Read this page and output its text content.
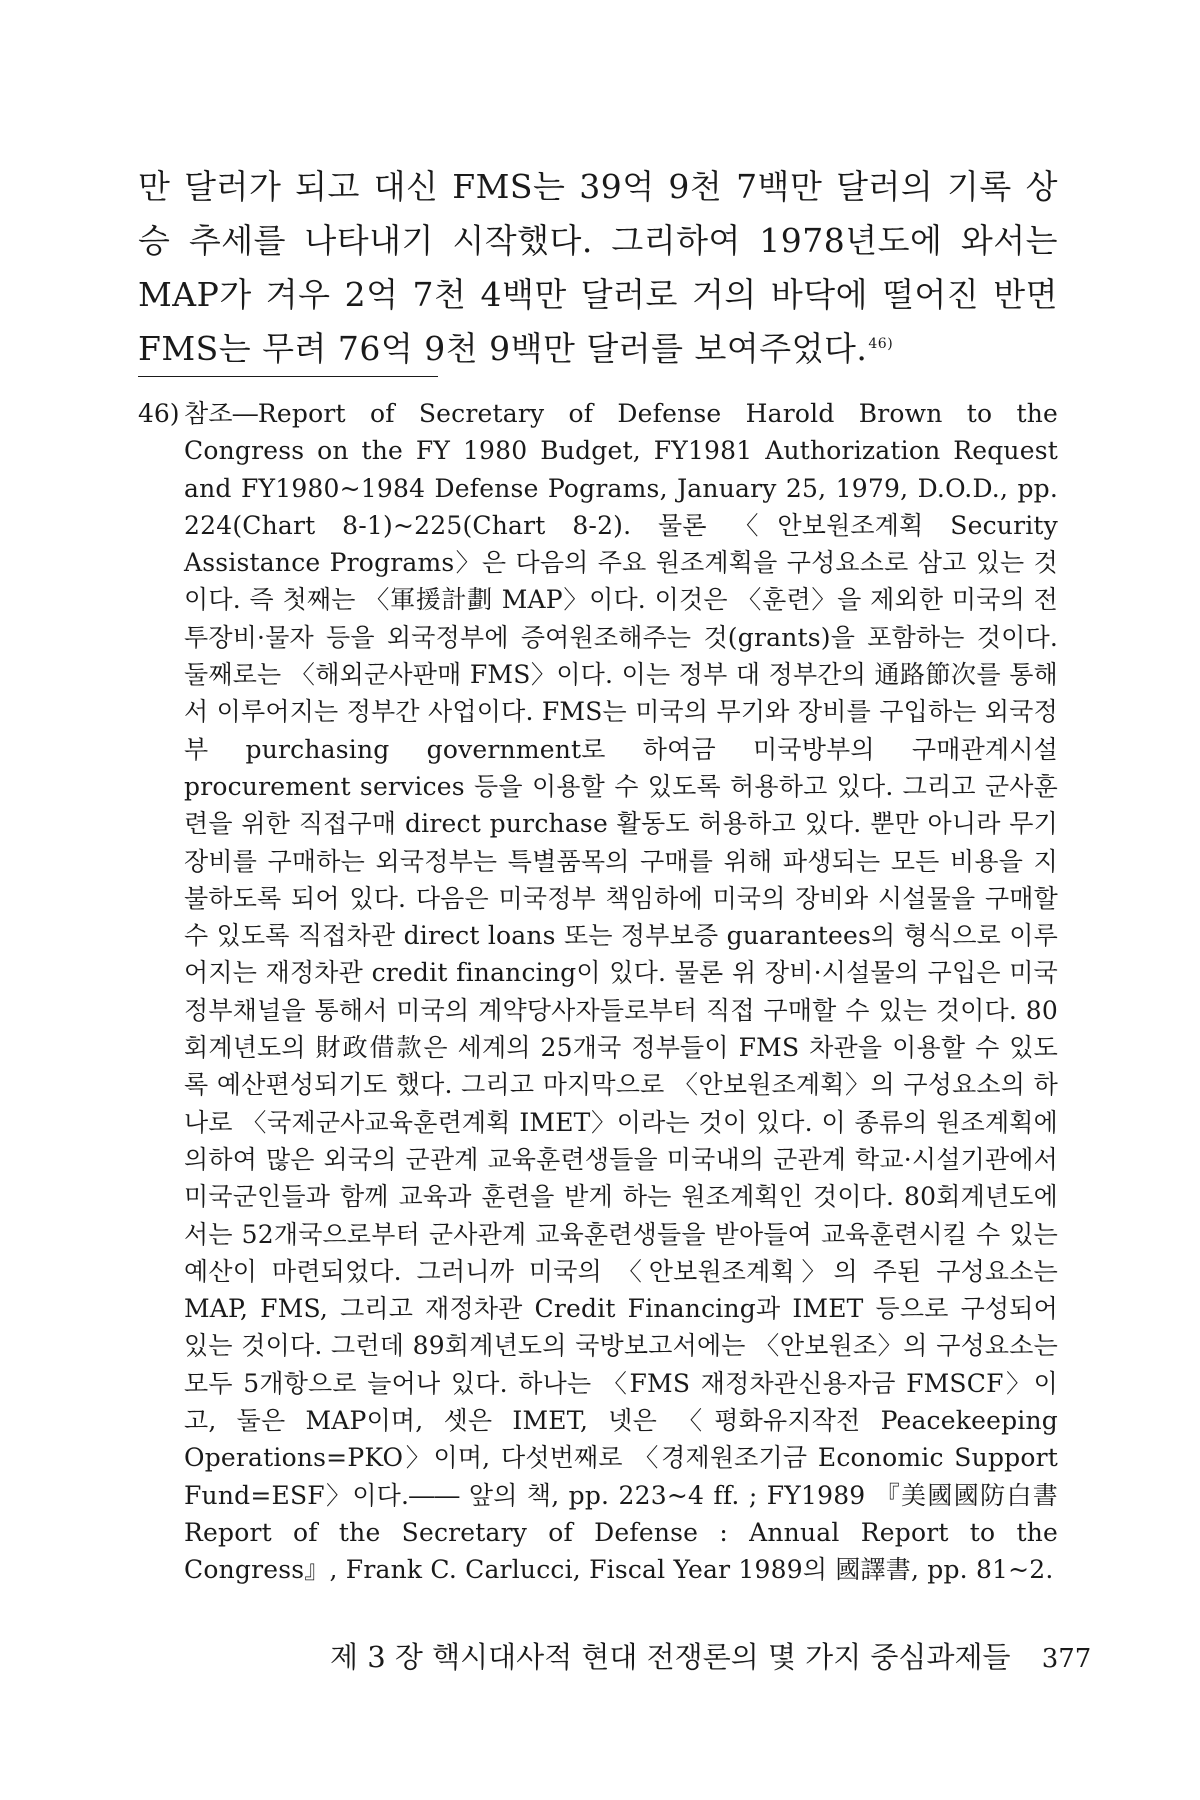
만 달러가 되고 대신 FMS는 39억 9천 7백만 달러의 기록 상승 추세를 나타내기 시작했다. 그리하여 1978년도에 와서는 MAP가 겨우 2억 7천 4백만 달러로 거의 바닥에 떨어진 반면 FMS는 무려 76억 9천 9백만 달러를 보여주었다.$^{46)}$
46) 참조―Report of Secretary of Defense Harold Brown to the Congress on the FY 1980 Budget, FY1981 Authorization Request and FY1980~1984 Defense Pograms, January 25, 1979, D.O.D., pp. 224(Chart 8-1)~225(Chart 8-2). 물론 〈안보원조계획 Security Assistance Programs〉은 다음의 주요 원조계획을 구성요소로 삼고 있는 것이다. 즉 첫째는 〈軍援計劃 MAP〉이다. 이것은 〈훈련〉을 제외한 미국의 전투장비·물자 등을 외국정부에 증여원조해주는 것(grants)을 포함하는 것이다. 둘째로는 〈해외군사판매 FMS〉이다. 이는 정부 대 정부간의 通路節次를 통해서 이루어지는 정부간 사업이다. FMS는 미국의 무기와 장비를 구입하는 외국정부 purchasing government로 하여금 미국방부의 구매관계시설 procurement services 등을 이용할 수 있도록 허용하고 있다. 그리고 군사훈련을 위한 직접구매 direct purchase 활동도 허용하고 있다. 뿐만 아니라 무기장비를 구매하는 외국정부는 특별품목의 구매를 위해 파생되는 모든 비용을 지불하도록 되어 있다. 다음은 미국정부 책임하에 미국의 장비와 시설물을 구매할 수 있도록 직접차관 direct loans 또는 정부보증 guarantees의 형식으로 이루어지는 재정차관 credit financing이 있다. 물론 위 장비·시설물의 구입은 미국정부채널을 통해서 미국의 계약당사자들로부터 직접 구매할 수 있는 것이다. 80회계년도의 財政借款은 세계의 25개국 정부들이 FMS 차관을 이용할 수 있도록 예산편성되기도 했다. 그리고 마지막으로 〈안보원조계획〉의 구성요소의 하나로 〈국제군사교육훈련계획 IMET〉이라는 것이 있다. 이 종류의 원조계획에 의하여 많은 외국의 군관계 교육훈련생들을 미국내의 군관계 학교·시설기관에서 미국군인들과 함께 교육과 훈련을 받게 하는 원조계획인 것이다. 80회계년도에서는 52개국으로부터 군사관계 교육훈련생들을 받아들여 교육훈련시킬 수 있는 예산이 마련되었다. 그러니까 미국의 〈안보원조계획〉의 주된 구성요소는 MAP, FMS, 그리고 재정차관 Credit Financing과 IMET 등으로 구성되어 있는 것이다. 그런데 89회계년도의 국방보고서에는 〈안보원조〉의 구성요소는 모두 5개항으로 늘어나 있다. 하나는 〈FMS 재정차관신용자금 FMSCF〉이고, 둘은 MAP이며, 셋은 IMET, 넷은 〈평화유지작전 Peacekeeping Operations=PKO〉이며, 다섯번째로 〈경제원조기금 Economic Support Fund=ESF〉이다.―― 앞의 책, pp. 223~4 ff. ; FY1989 『美國國防白書 Report of the Secretary of Defense : Annual Report to the Congress』, Frank C. Carlucci, Fiscal Year 1989의 國譯書, pp. 81~2.
제 3 장 핵시대사적 현대 전쟁론의 몇 가지 중심과제들 377
